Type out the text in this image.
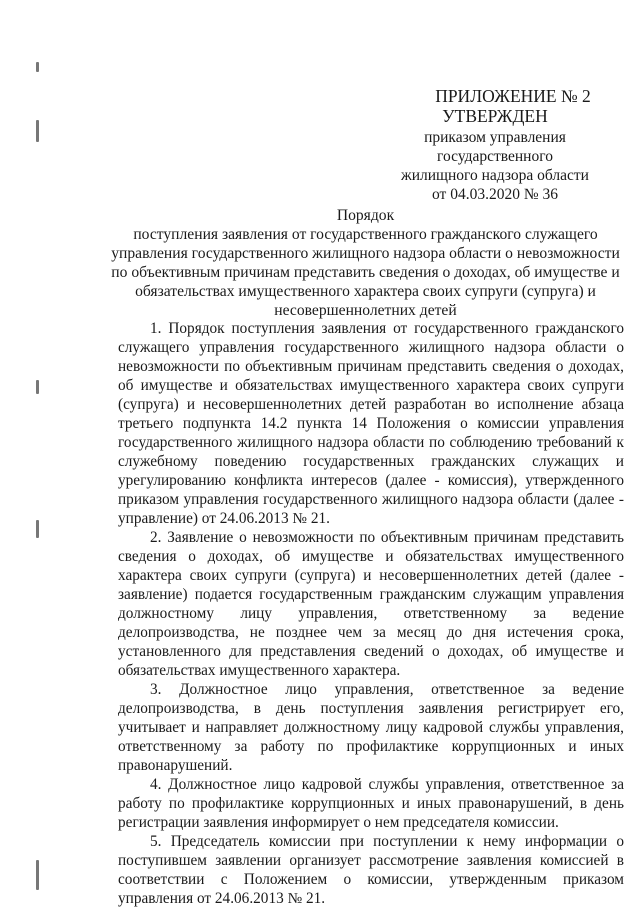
ПРИЛОЖЕНИЕ № 2
УТВЕРЖДЕН
приказом управления государственного
жилищного надзора области
от 04.03.2020 № 36
Порядок
поступления заявления от государственного гражданского служащего управления государственного жилищного надзора области о невозможности по объективным причинам представить сведения о доходах, об имуществе и обязательствах имущественного характера своих супруги (супруга) и несовершеннолетних детей

1. Порядок поступления заявления от государственного гражданского служащего управления государственного жилищного надзора области о невозможности по объективным причинам представить сведения о доходах, об имуществе и обязательствах имущественного характера своих супруги (супруга) и несовершеннолетних детей разработан во исполнение абзаца третьего подпункта 14.2 пункта 14 Положения о комиссии управления государственного жилищного надзора области по соблюдению требований к служебному поведению государственных гражданских служащих и урегулированию конфликта интересов (далее - комиссия), утвержденного приказом управления государственного жилищного надзора области (далее - управление) от 24.06.2013 № 21.

2. Заявление о невозможности по объективным причинам представить сведения о доходах, об имуществе и обязательствах имущественного характера своих супруги (супруга) и несовершеннолетних детей (далее - заявление) подается государственным гражданским служащим управления должностному лицу управления, ответственному за ведение делопроизводства, не позднее чем за месяц до дня истечения срока, установленного для представления сведений о доходах, об имуществе и обязательствах имущественного характера.

3. Должностное лицо управления, ответственное за ведение делопроизводства, в день поступления заявления регистрирует его, учитывает и направляет должностному лицу кадровой службы управления, ответственному за работу по профилактике коррупционных и иных правонарушений.

4. Должностное лицо кадровой службы управления, ответственное за работу по профилактике коррупционных и иных правонарушений, в день регистрации заявления информирует о нем председателя комиссии.

5. Председатель комиссии при поступлении к нему информации о поступившем заявлении организует рассмотрение заявления комиссией в соответствии с Положением о комиссии, утвержденным приказом управления от 24.06.2013 № 21.
